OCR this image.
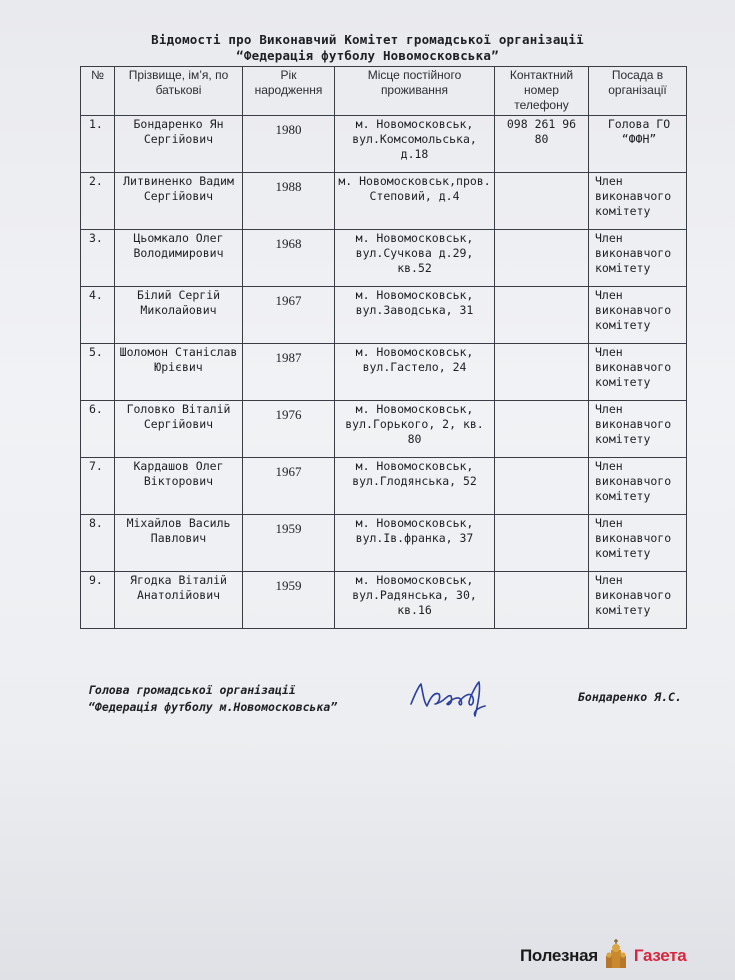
Відомості про Виконавчий Комітет громадської організації
“Федерація футболу Новомосковська”
№	Прізвище, ім’я, по батькові	Рік народження	Місце постійного проживання	Контактний номер телефону	Посада в організації
1.	Бондаренко Ян Сергійович	1980	м. Новомосковськ, вул.Комсомольська, д.18	098 261 96 80	Голова ГО “ФФН”
2.	Литвиненко Вадим Сергійович	1988	м. Новомосковськ,пров. Степовий, д.4		Член виконавчого комітету
3.	Цьомкало Олег Володимирович	1968	м. Новомосковськ, вул.Сучкова д.29, кв.52		Член виконавчого комітету
4.	Білий Сергій Миколайович	1967	м. Новомосковськ, вул.Заводська, 31		Член виконавчого комітету
5.	Шоломон Станіслав Юрієвич	1987	м. Новомосковськ, вул.Гастело, 24		Член виконавчого комітету
6.	Головко Віталій Сергійович	1976	м. Новомосковськ, вул.Горького, 2, кв. 80		Член виконавчого комітету
7.	Кардашов Олег Вікторович	1967	м. Новомосковськ, вул.Глодянська, 52		Член виконавчого комітету
8.	Міхайлов Василь Павлович	1959	м. Новомосковськ, вул.Ів.франка, 37		Член виконавчого комітету
9.	Ягодка Віталій Анатолійович	1959	м. Новомосковськ, вул.Радянська, 30, кв.16		Член виконавчого комітету
Голова громадської організації
“Федерація футболу м.Новомосковська”
Бондаренко Я.С.
Полезная Газета
